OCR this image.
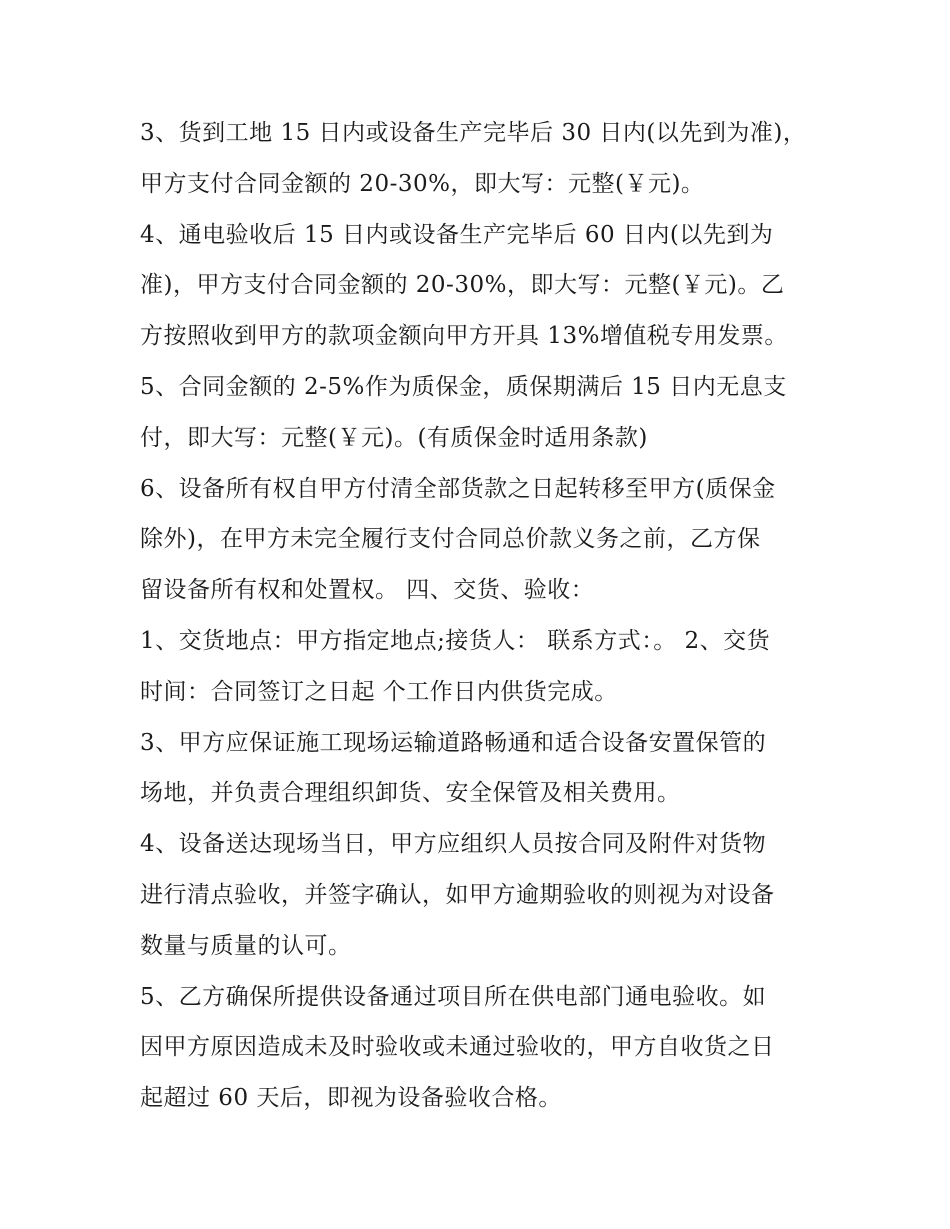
3、货到工地 15 日内或设备生产完毕后 30 日内(以先到为准)，
甲方支付合同金额的 20-30%，即大写：元整(￥元)。
4、通电验收后 15 日内或设备生产完毕后 60 日内(以先到为
准)，甲方支付合同金额的 20-30%，即大写：元整(￥元)。乙
方按照收到甲方的款项金额向甲方开具 13%增值税专用发票。
5、合同金额的 2-5%作为质保金，质保期满后 15 日内无息支
付，即大写：元整(￥元)。(有质保金时适用条款)
6、设备所有权自甲方付清全部货款之日起转移至甲方(质保金
除外)，在甲方未完全履行支付合同总价款义务之前，乙方保
留设备所有权和处置权。 四、交货、验收：
1、交货地点：甲方指定地点;接货人： 联系方式：。 2、交货
时间：合同签订之日起 个工作日内供货完成。
3、甲方应保证施工现场运输道路畅通和适合设备安置保管的
场地，并负责合理组织卸货、安全保管及相关费用。
4、设备送达现场当日，甲方应组织人员按合同及附件对货物
进行清点验收，并签字确认，如甲方逾期验收的则视为对设备
数量与质量的认可。
5、乙方确保所提供设备通过项目所在供电部门通电验收。如
因甲方原因造成未及时验收或未通过验收的，甲方自收货之日
起超过 60 天后，即视为设备验收合格。
